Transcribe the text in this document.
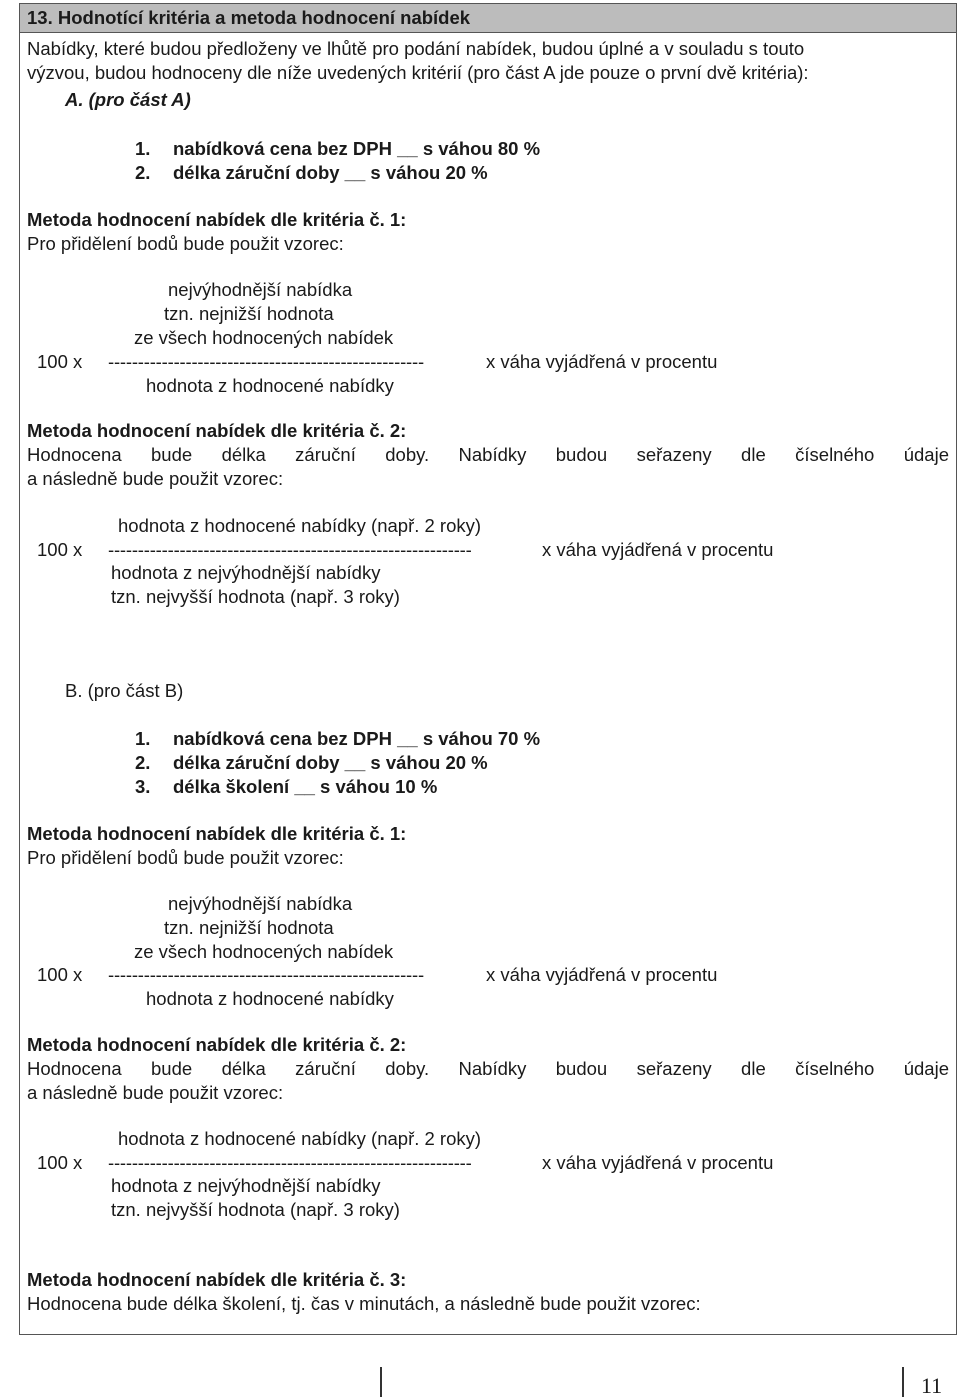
13. Hodnotící kritéria a metoda hodnocení nabídek
Nabídky, které budou předloženy ve lhůtě pro podání nabídek, budou úplné a v souladu s touto
výzvou, budou hodnoceny dle níže uvedených kritérií (pro část A jde pouze o první dvě kritéria):
A. (pro část A)
1. nabídková cena bez DPH __ s váhou 80 %
2. délka záruční doby __ s váhou 20 %
Metoda hodnocení nabídek dle kritéria č. 1:
Pro přidělení bodů bude použit vzorec:
nejvýhodnější nabídka
tzn. nejnižší hodnota
ze všech hodnocených nabídek
100 x -----------------------------------------------------	x váha vyjádřená v procentu
hodnota z hodnocené nabídky
Metoda hodnocení nabídek dle kritéria č. 2:
Hodnocena bude délka záruční doby. Nabídky budou seřazeny dle číselného údaje
a následně bude použit vzorec:
hodnota z hodnocené nabídky (např. 2 roky)
100 x -------------------------------------------------------------	x váha vyjádřená v procentu
hodnota z nejvýhodnější nabídky
tzn. nejvyšší hodnota (např. 3 roky)
B. (pro část B)
1. nabídková cena bez DPH __ s váhou 70 %
2. délka záruční doby __ s váhou 20 %
3. délka školení __ s váhou 10 %
Metoda hodnocení nabídek dle kritéria č. 1:
Pro přidělení bodů bude použit vzorec:
nejvýhodnější nabídka
tzn. nejnižší hodnota
ze všech hodnocených nabídek
100 x -----------------------------------------------------	x váha vyjádřená v procentu
hodnota z hodnocené nabídky
Metoda hodnocení nabídek dle kritéria č. 2:
Hodnocena bude délka záruční doby. Nabídky budou seřazeny dle číselného údaje
a následně bude použit vzorec:
hodnota z hodnocené nabídky (např. 2 roky)
100 x -------------------------------------------------------------	x váha vyjádřená v procentu
hodnota z nejvýhodnější nabídky
tzn. nejvyšší hodnota (např. 3 roky)
Metoda hodnocení nabídek dle kritéria č. 3:
Hodnocena bude délka školení, tj. čas v minutách, a následně bude použit vzorec:
11
